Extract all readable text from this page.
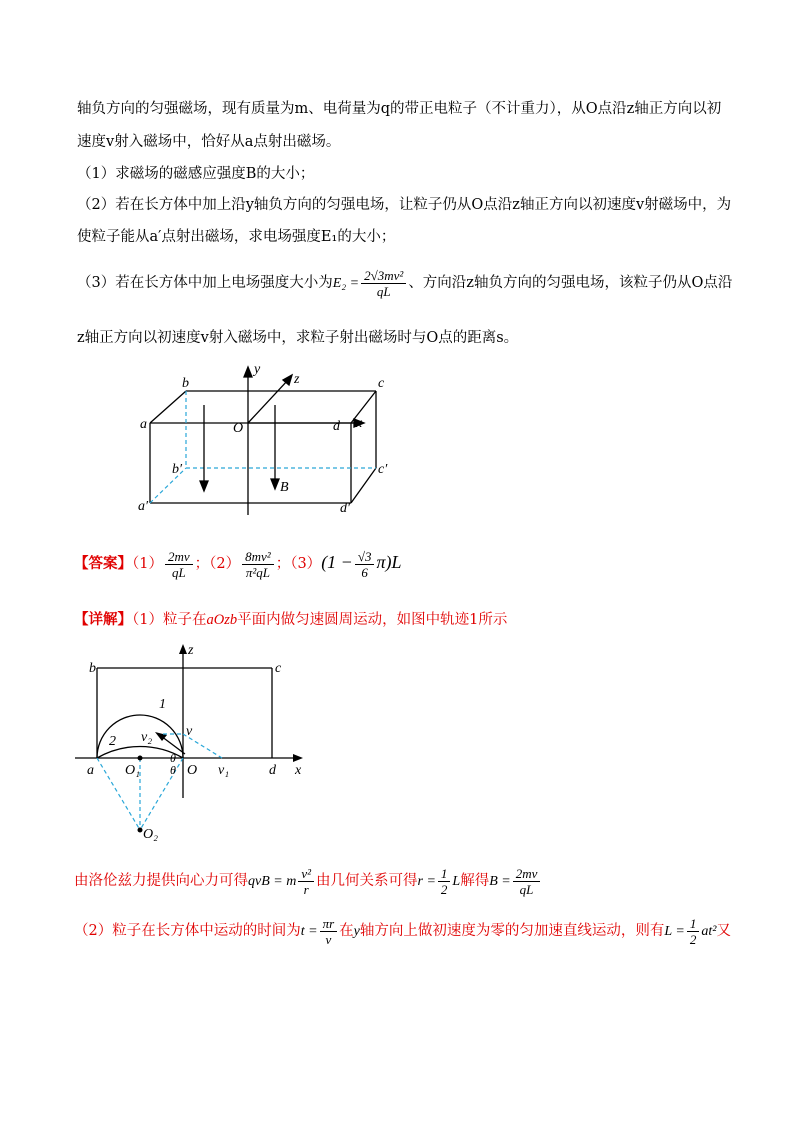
轴负方向的匀强磁场，现有质量为m、电荷量为q的带正电粒子（不计重力），从O点沿z轴正方向以初
速度v射入磁场中，恰好从a点射出磁场。
（1）求磁场的磁感应强度B的大小；
（2）若在长方体中加上沿y轴负方向的匀强电场，让粒子仍从O点沿z轴正方向以初速度v射磁场中，为
使粒子能从a′点射出磁场，求电场强度E₁的大小；
（3）若在长方体中加上电场强度大小为$E_2 = \frac{\text{2√3mv²}}{qL}$ 、方向沿z轴负方向的匀强电场，该粒子仍从O点沿
z轴正方向以初速度v射入磁场中，求粒子射出磁场时与O点的距离s。
a
b	c
d
O
a′
b′	c′
d′
x
y
z
B
【答案】$(1) \frac{2mv}{qL}$ ；$(2) \frac{\text{8mv²}}{\text{π²qL}}$ ；$(3)(1 - \frac{√3}{6} \pi)L$
【详解】（1）粒子在aOzb平面内做匀速圆周运动，如图中轨迹1所示
b	c
z
a O₁	O
θ
θ	d x
v
v₁
v₂
O₂
1
2
由洛伦兹力提供向心力可得qvB = m $\frac{\text{v²}}{r}$ 由几何关系可得$r = \frac{1}{2}$ L解得$B = \frac{2mv}{qL}$
（2）粒子在长方体中运动的时间为$t = \frac{\pi r}{v}$ 在y轴方向上做初速度为零的匀加速直线运动，则有$L = \frac{1}{2} at^2$又
